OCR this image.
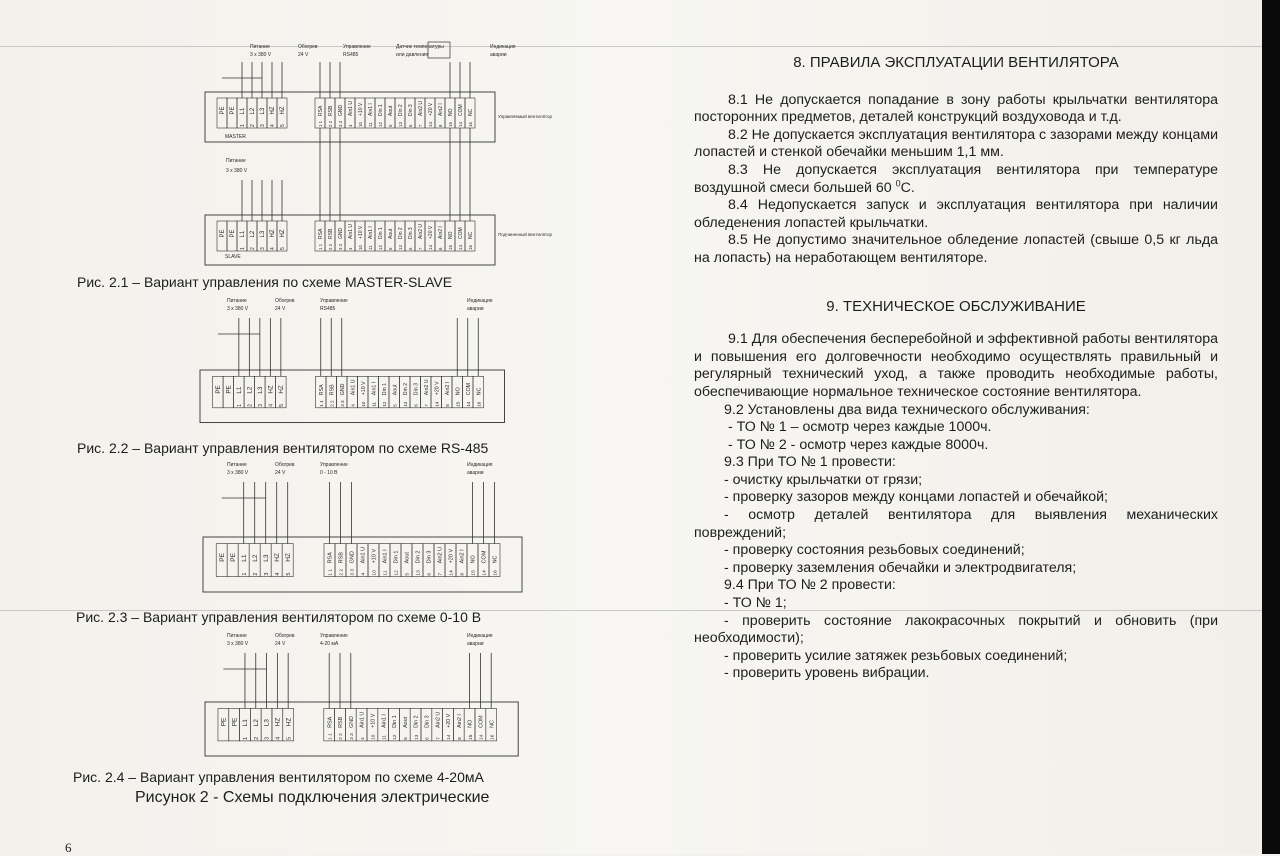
Питание
3 x 380 V
Обогрев
24 V
Управление
RS485
Датчик температуры
или давления
Индикация
аварии
PE PE L1
1
L2
2
L3
3
HZ
4
HZ
5
RSA
1 1
RSB
2 2
GND
3 3
Ain1 U
4
+10 V
10
Ain1 I
11
Din 1
12
Aout
5
Din 2
13
Din 3
6
Ain2 U
7
+20 V
14
Ain2 I
8
NO
15
COM
14
NC
16
MASTER
Управляемый вентилятор
Питание
3 x 380 V
PE PE L1
1
L2
2
L3
3
HZ
4
HZ
5
RSA
1 1
RSB
2 2
GND
3 3
Ain1 U
4
+10 V
10
Ain1 I
11
Din 1
12
Aout
5
Din 2
13
Din 3
6
Ain2 U
7
+20 V
14
Ain2 I
8
NO
15
COM
14
NC
16
SLAVE
Подчиненный вентилятор
Питание
3 x 380 V
Обогрев
24 V
Управление
RS485
Индикация
аварии
PE PE L1
1
L2
2
L3
3
HZ
4
HZ
5
RSA
1 1
RSB
2 2
GND
3 3
Ain1 U
4
+10 V
10
Ain1 I
11
Din 1
12
Aout
5
Din 2
13
Din 3
6
Ain2 U
7
+20 V
14
Ain2 I
8
NO
15
COM
14
NC
16
Питание
3 x 380 V
Обогрев
24 V
Управление
0 - 10 В
Индикация
аварии
PE PE L1
1
L2
2
L3
3
HZ
4
HZ
5
RSA
1 1
RSB
2 2
GND
3 3
Ain1 U
4
+10 V
10
Ain1 I
11
Din 1
12
Aout
5
Din 2
13
Din 3
6
Ain2 U
7
+20 V
14
Ain2 I
8
NO
15
COM
14
NC
16
Питание
3 x 380 V
Обогрев
24 V
Управление
4-20 мА
Индикация
аварии
PE PE L1
1
L2
2
L3
3
HZ
4
HZ
5
RSA
1 1
RSB
2 2
GND
3 3
Ain1 U
4
+10 V
10
Ain1 I
11
Din 1
12
Aout
5
Din 2
13
Din 3
6
Ain2 U
7
+20 V
14
Ain2 I
8
NO
15
COM
14
NC
16
Рис. 2.1 – Вариант управления по схеме MASTER-SLAVE
Рис. 2.2 – Вариант управления вентилятором по схеме RS-485
Рис. 2.3 – Вариант управления вентилятором по схеме 0-10 В
Рис. 2.4 – Вариант управления вентилятором по схеме 4-20мА
Рисунок 2 - Схемы подключения электрические
6

8. ПРАВИЛА ЭКСПЛУАТАЦИИ ВЕНТИЛЯТОРА

8.1 Не допускается попадание в зону работы крыльчатки вентилятора посторонних предметов, деталей конструкций воздуховода и т.д.

8.2 Не допускается эксплуатация вентилятора с зазорами между концами лопастей и стенкой обечайки меньшим 1,1 мм.

8.3 Не допускается эксплуатация вентилятора при температуре воздушной смеси большей 60 $^0$С.

8.4 Недопускается запуск и эксплуатация вентилятора при наличии обледенения лопастей крыльчатки.

8.5 Не допустимо значительное обледение лопастей (свыше 0,5 кг льда на лопасть) на неработающем вентиляторе.

9. ТЕХНИЧЕСКОЕ ОБСЛУЖИВАНИЕ

9.1 Для обеспечения бесперебойной и эффективной работы вентилятора и повышения его долговечности необходимо осуществлять правильный и регулярный технический уход, а также проводить необходимые работы, обеспечивающие нормальное техническое состояние вентилятора.

9.2 Установлены два вида технического обслуживания:

- ТО № 1 – осмотр через каждые 1000ч.

- ТО № 2 - осмотр через каждые 8000ч.

9.3 При ТО № 1 провести:

- очистку крыльчатки от грязи;

- проверку зазоров между концами лопастей и обечайкой;

- осмотр деталей вентилятора для выявления механических повреждений;

- проверку состояния резьбовых соединений;

- проверку заземления обечайки и электродвигателя;

9.4 При ТО № 2 провести:

- ТО № 1;

- проверить состояние лакокрасочных покрытий и обновить (при необходимости);

- проверить усилие затяжек резьбовых соединений;

- проверить уровень вибрации.
